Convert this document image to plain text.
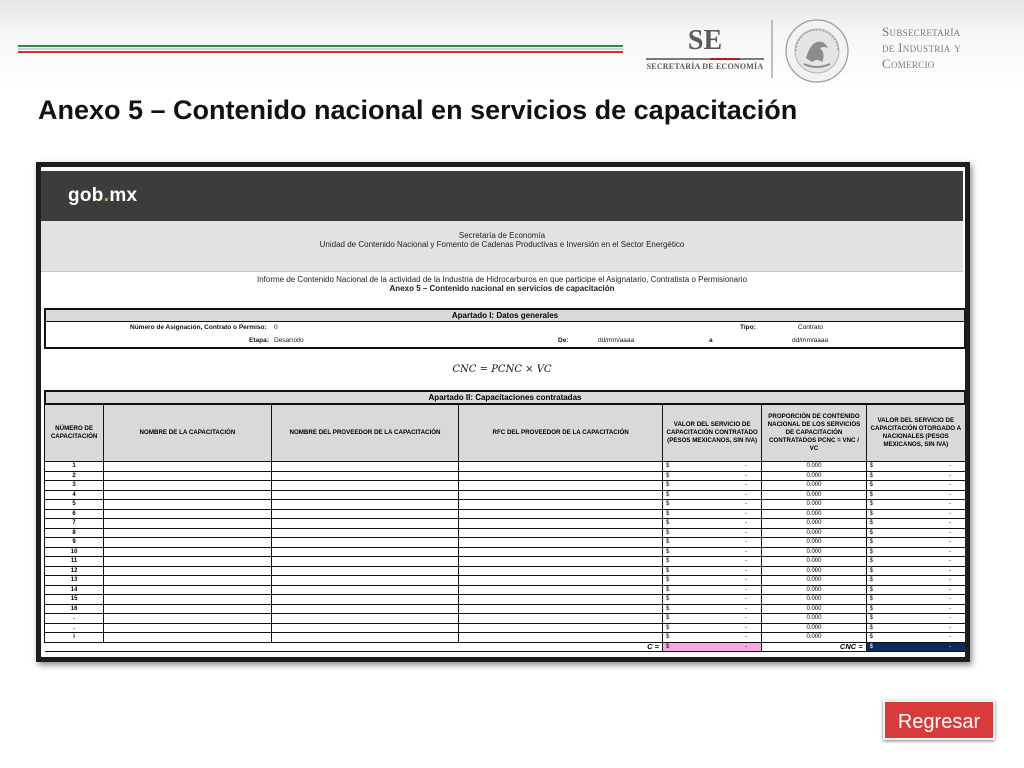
SE
SECRETARÍA DE ECONOMÍA
Subsecretaría
de Industria y
Comercio
Anexo 5 – Contenido nacional en servicios de capacitación
gob.mx
Secretaría de Economía
Unidad de Contenido Nacional y Fomento de Cadenas Productivas e Inversión en el Sector Energético
Informe de Contenido Nacional de la actividad de la Industria de Hidrocarburos en que participe el Asignatario, Contratista o Permisionario
Anexo 5 – Contenido nacional en servicios de capacitación
Apartado I: Datos generales
Número de Asignación, Contrato o Permiso: 0	Tipo:	Contrato
Etapa: Desarrollo	De:	dd/mm/aaaa	a	dd/mm/aaaa
CNC = PCNC × VC
Apartado II: Capacitaciones contratadas
NÚMERO DE CAPACITACIÓN	NOMBRE DE LA CAPACITACIÓN	NOMBRE DEL PROVEEDOR DE LA CAPACITACIÓN	RFC DEL PROVEEDOR DE LA CAPACITACIÓN	VALOR DEL SERVICIO DE CAPACITACIÓN CONTRATADO (PESOS MEXICANOS, SIN IVA)	PROPORCIÓN DE CONTENIDO NACIONAL DE LOS SERVICIOS DE CAPACITACIÓN CONTRATADOS PCNC = VNC / VC	VALOR DEL SERVICIO DE CAPACITACIÓN OTORGADO A NACIONALES (PESOS MEXICANOS, SIN IVA)
1				$ -	0.000	$ -

2				$ -	0.000	$ -

3				$ -	0.000	$ -

4				$ -	0.000	$ -

5				$ -	0.000	$ -

6				$ -	0.000	$ -

7				$ -	0.000	$ -

8				$ -	0.000	$ -

9				$ -	0.000	$ -

10				$ -	0.000	$ -

11				$ -	0.000	$ -

12				$ -	0.000	$ -

13				$ -	0.000	$ -

14				$ -	0.000	$ -

15				$ -	0.000	$ -

16				$ -	0.000	$ -

.				$ -	0.000	$ -

.				$ -	0.000	$ -

i				$ -	0.000	$ -

C =				$ -	CNC =	$ -
Regresar
